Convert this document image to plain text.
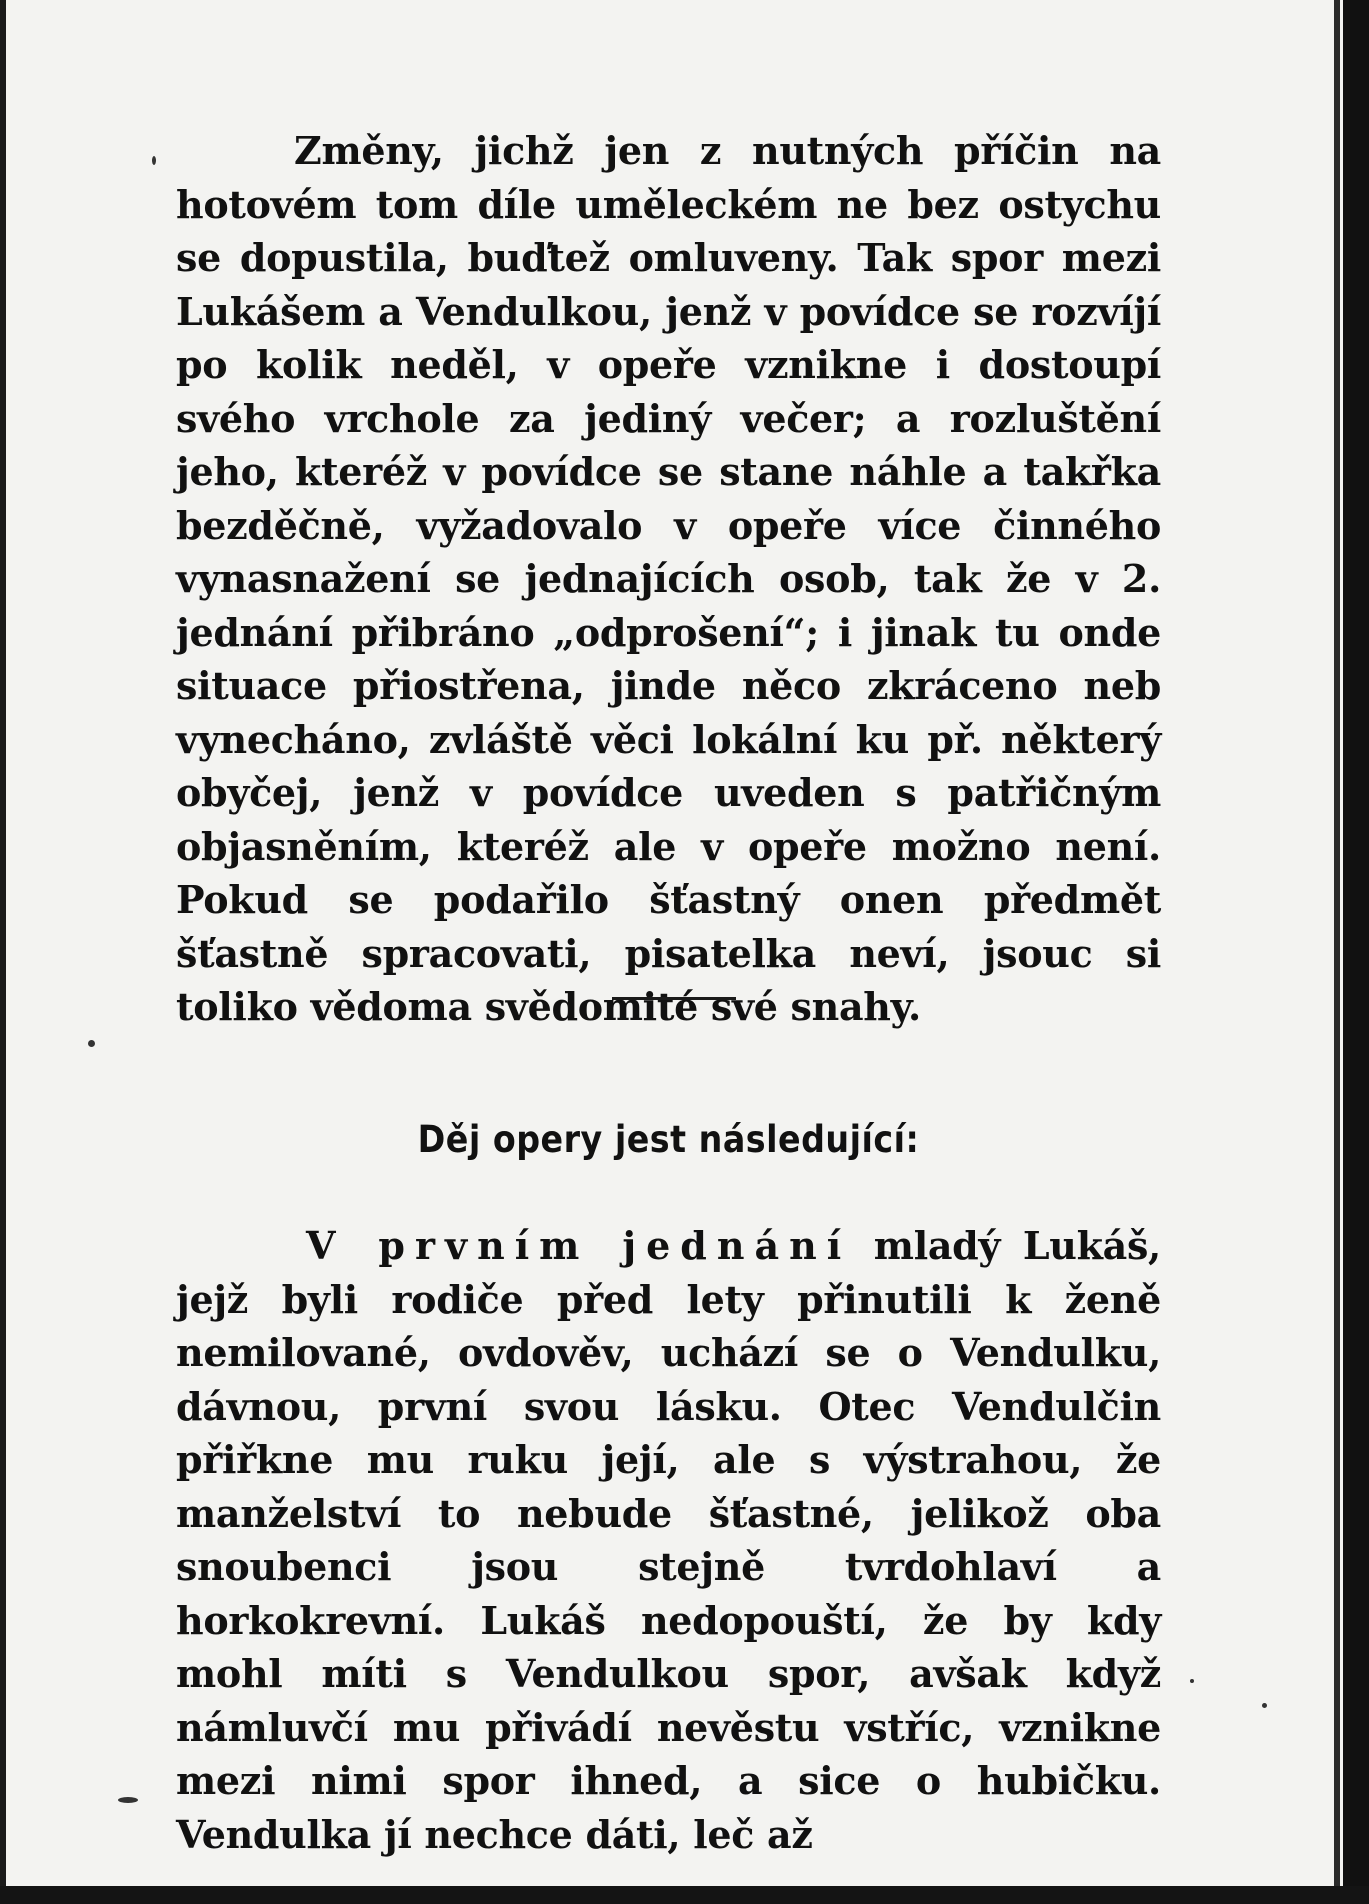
Změny, jichž jen z nutných příčin na hotovém tom díle uměleckém ne bez ostychu se dopustila, buďtež omluveny. Tak spor mezi Lukášem a Vendulkou, jenž v povídce se rozvíjí po kolik neděl, v opeře vznikne i dostoupí svého vrchole za jediný večer; a rozluštění jeho, kteréž v povídce se stane náhle a takřka bezděčně, vyžadovalo v opeře více činného vynasnažení se jednajících osob, tak že v 2. jednání přibráno „odprošení“; i jinak tu onde situace přiostřena, jinde něco zkráceno neb vynecháno, zvláště věci lokální ku př. některý obyčej, jenž v povídce uveden s patřičným objasněním, kteréž ale v opeře možno není. Pokud se podařilo šťastný onen předmět šťastně spracovati, pisatelka neví, jsouc si toliko vědoma svědomité své snahy.

Děj opery jest následující:

V prvním jednání mladý Lukáš, jejž byli rodiče před lety přinutili k ženě nemilované, ovdověv, uchází se o Vendulku, dávnou, první svou lásku. Otec Vendulčin přiřkne mu ruku její, ale s výstrahou, že manželství to nebude šťastné, jelikož oba snoubenci jsou stejně tvrdohlaví a horkokrevní. Lukáš nedopouští, že by kdy mohl míti s Vendulkou spor, avšak když námluvčí mu přivádí nevěstu vstříc, vznikne mezi nimi spor ihned, a sice o hubičku. Vendulka jí nechce dáti, leč až
